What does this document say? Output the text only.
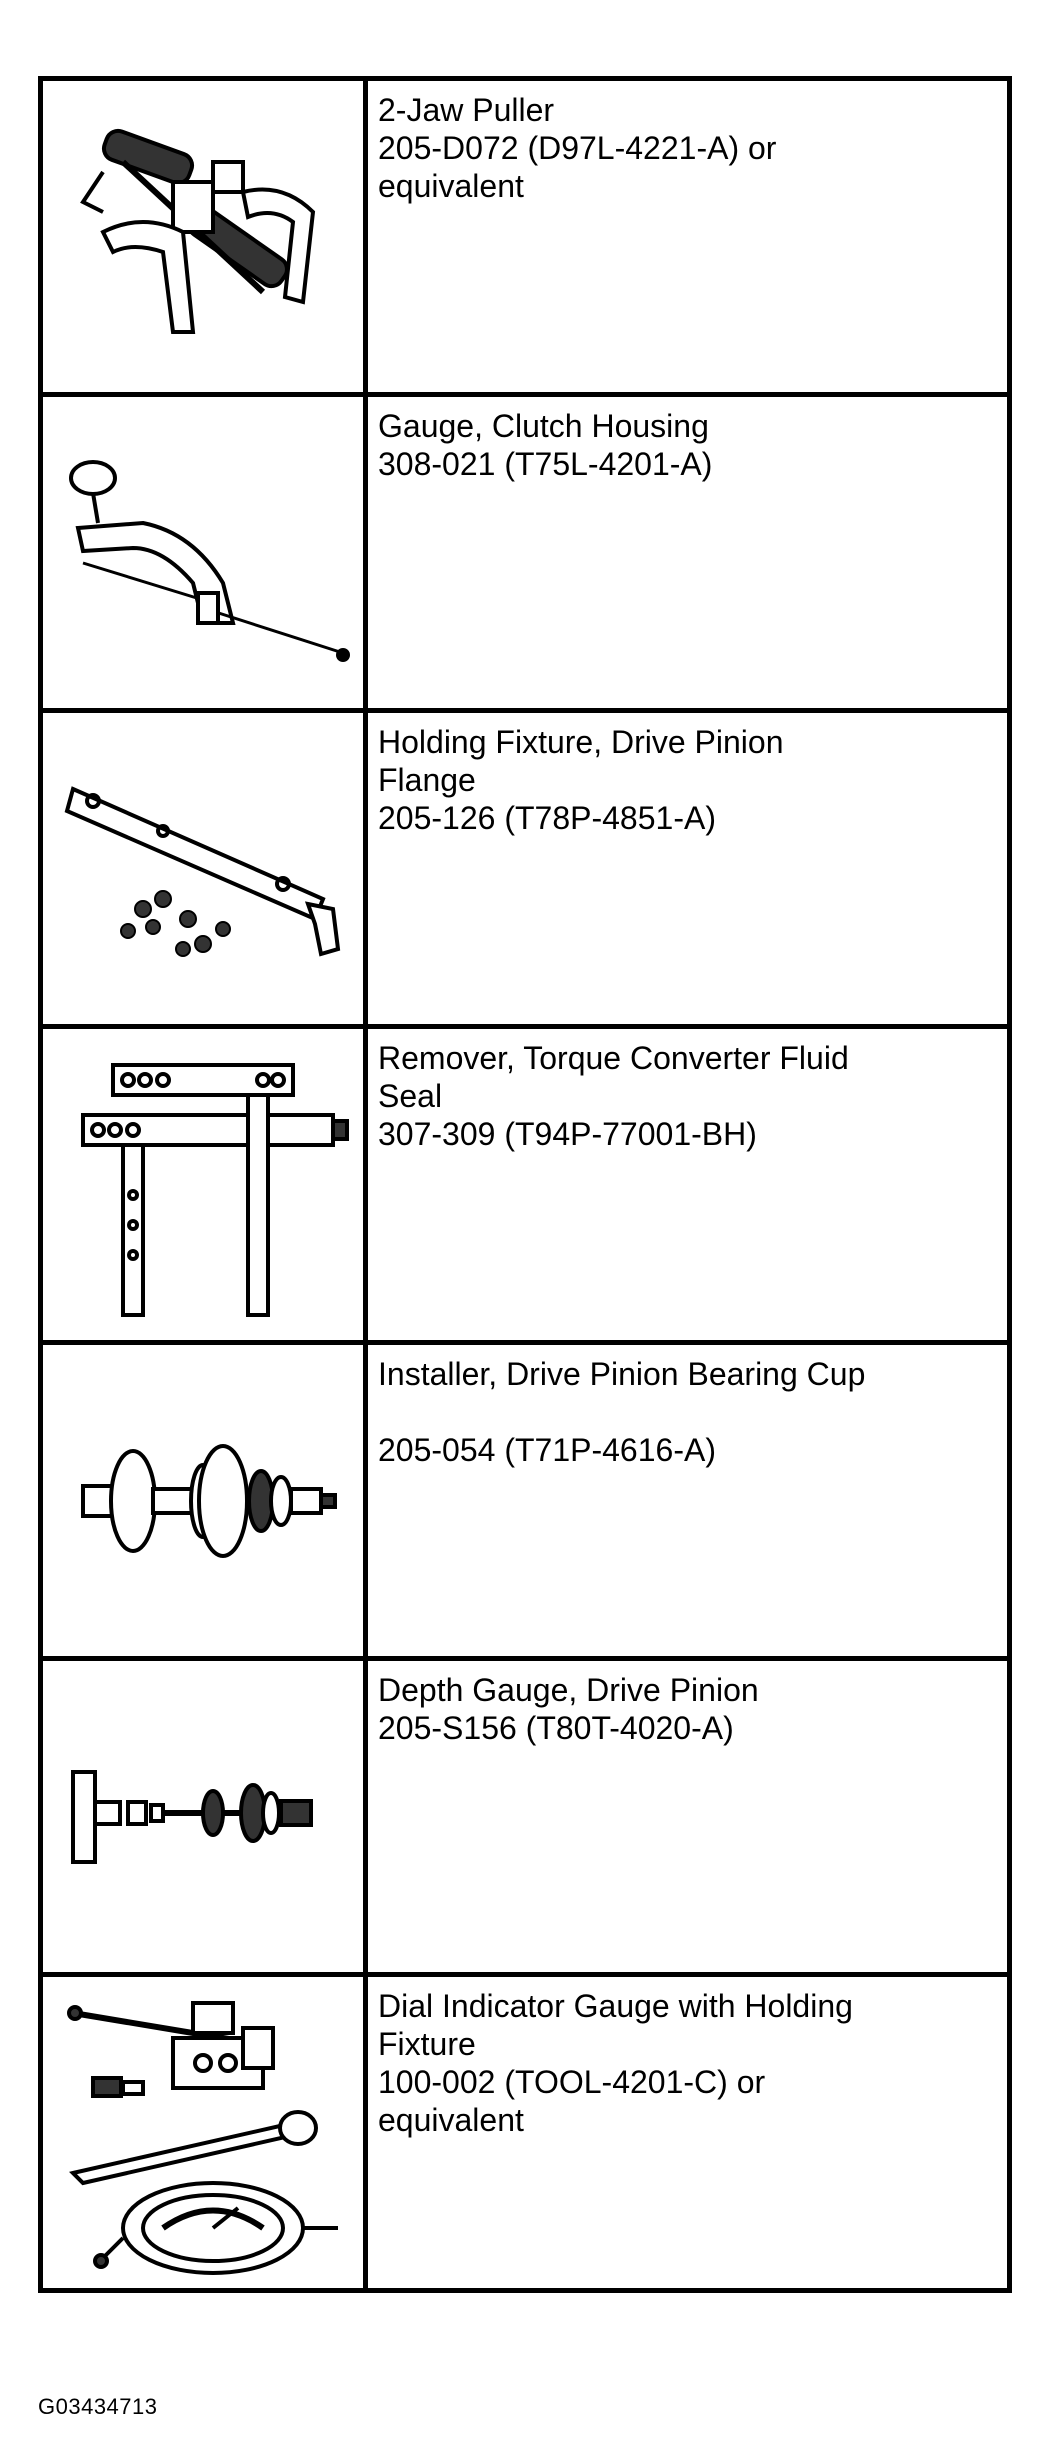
2-Jaw Puller
205-D072 (D97L-4221-A) or
equivalent

Gauge, Clutch Housing
308-021 (T75L-4201-A)

Holding Fixture, Drive Pinion
Flange
205-126 (T78P-4851-A)

Remover, Torque Converter Fluid
Seal
307-309 (T94P-77001-BH)

Installer, Drive Pinion Bearing Cup
205-054 (T71P-4616-A)

Depth Gauge, Drive Pinion
205-S156 (T80T-4020-A)

Dial Indicator Gauge with Holding
Fixture
100-002 (TOOL-4201-C) or
equivalent
G03434713
